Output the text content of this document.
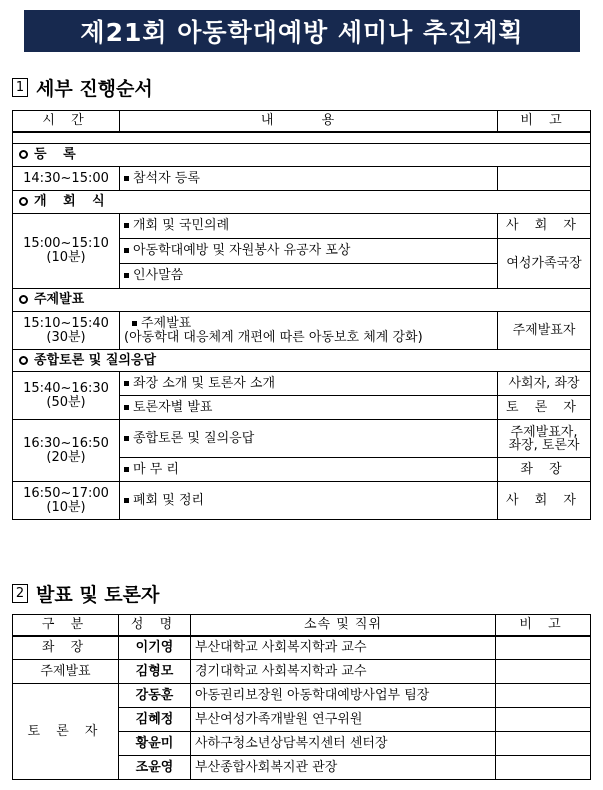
제21회 아동학대예방 세미나 추진계획
1 세부 진행순서
시 간	내 용	비 고

등 록		
14:30~15:00	참석자 등록	
개 회 식		
15:00~15:10
(10분)	개회 및 국민의례	사 회 자
	아동학대예방 및 자원봉사 유공자 포상	여성가족국장
	인사말씀	
주제발표		
15:10~15:40
(30분)	주제발표
(아동학대 대응체계 개편에 따른 아동보호 체계 강화)	주제발표자
종합토론 및 질의응답		
15:40~16:30
(50분)	좌장 소개 및 토론자 소개	사회자, 좌장
	토론자별 발표	토 론 자
16:30~16:50
(20분)	종합토론 및 질의응답	주제발표자,
좌장, 토론자
	마 무 리	좌 장
16:50~17:00
(10분)	폐회 및 정리	사 회 자
2 발표 및 토론자
구 분	성 명	소속 및 직위	비 고
좌 장	이기영	부산대학교 사회복지학과 교수	
주제발표	김형모	경기대학교 사회복지학과 교수	
토 론 자	강동훈	아동권리보장원 아동학대예방사업부 팀장	
	김혜정	부산여성가족개발원 연구위원	
	황윤미	사하구청소년상담복지센터 센터장	
	조윤영	부산종합사회복지관 관장	
